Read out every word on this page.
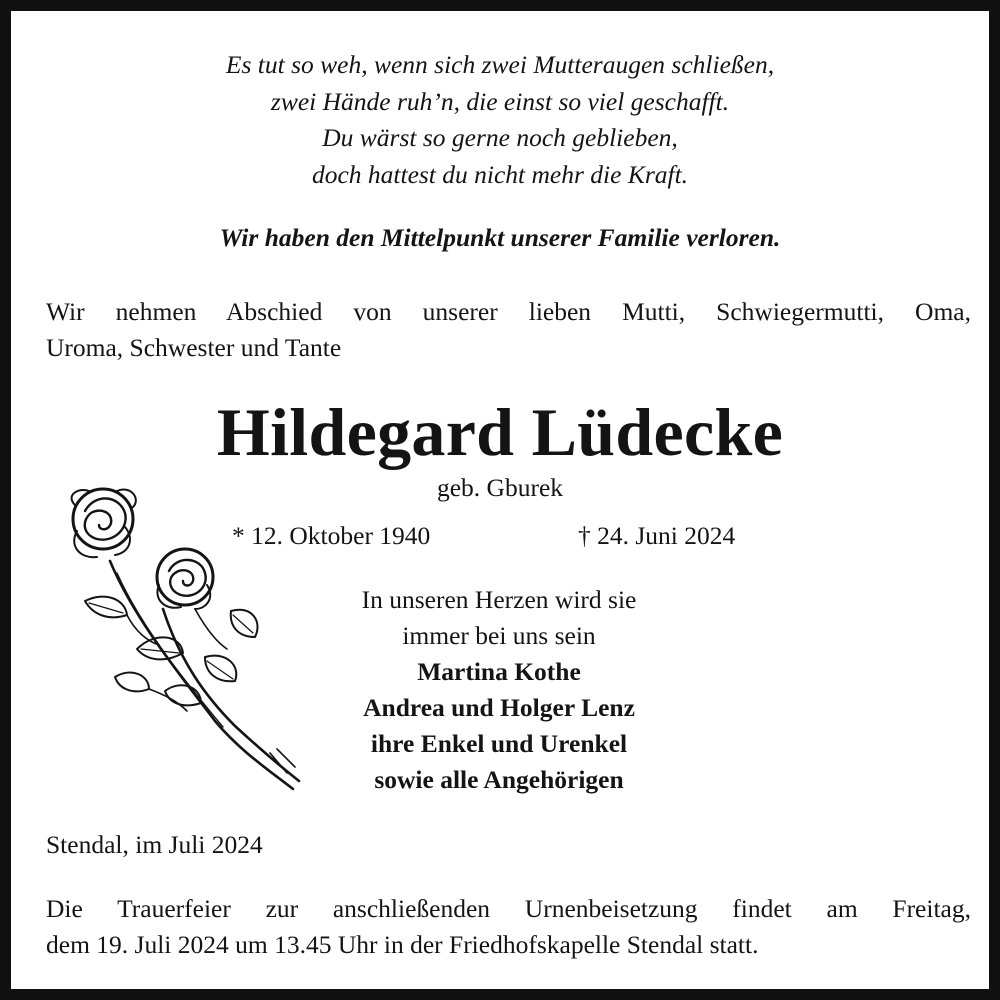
Es tut so weh, wenn sich zwei Mutteraugen schließen,
zwei Hände ruh’n, die einst so viel geschafft.
Du wärst so gerne noch geblieben,
doch hattest du nicht mehr die Kraft.
Wir haben den Mittelpunkt unserer Familie verloren.
Wir nehmen Abschied von unserer lieben Mutti, Schwiegermutti, Oma,
Uroma, Schwester und Tante
Hildegard Lüdecke
geb. Gburek
* 12. Oktober 1940	† 24. Juni 2024
In unseren Herzen wird sie
immer bei uns sein
Martina Kothe
Andrea und Holger Lenz
ihre Enkel und Urenkel
sowie alle Angehörigen
Stendal, im Juli 2024
Die Trauerfeier zur anschließenden Urnenbeisetzung findet am Freitag,
dem 19. Juli 2024 um 13.45 Uhr in der Friedhofskapelle Stendal statt.
